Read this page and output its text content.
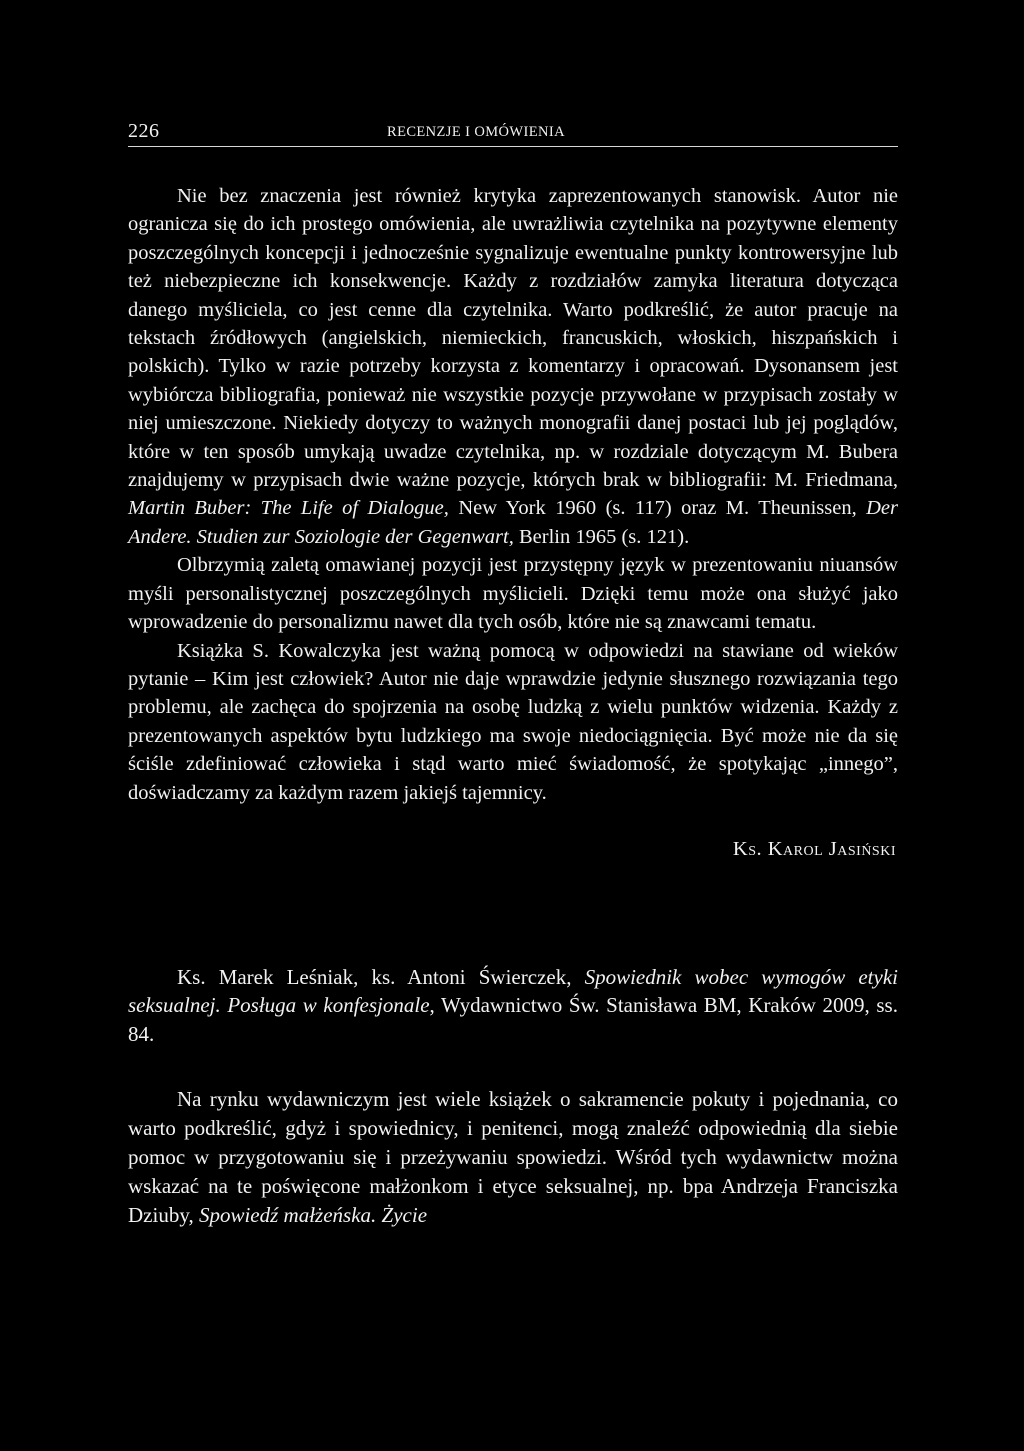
226	RECENZJE I OMÓWIENIA

Nie bez znaczenia jest również krytyka zaprezentowanych stanowisk. Autor nie ogranicza się do ich prostego omówienia, ale uwrażliwia czytelnika na pozytywne elementy poszczególnych koncepcji i jednocześnie sygnalizuje ewentualne punkty kontrowersyjne lub też niebezpieczne ich konsekwencje. Każdy z rozdziałów zamyka literatura dotycząca danego myśliciela, co jest cenne dla czytelnika. Warto podkreślić, że autor pracuje na tekstach źródłowych (angielskich, niemieckich, francuskich, włoskich, hiszpańskich i polskich). Tylko w razie potrzeby korzysta z komentarzy i opracowań. Dysonansem jest wybiórcza bibliografia, ponieważ nie wszystkie pozycje przywołane w przypisach zostały w niej umieszczone. Niekiedy dotyczy to ważnych monografii danej postaci lub jej poglądów, które w ten sposób umykają uwadze czytelnika, np. w rozdziale dotyczącym M. Bubera znajdujemy w przypisach dwie ważne pozycje, których brak w bibliografii: M. Friedmana, Martin Buber: The Life of Dialogue, New York 1960 (s. 117) oraz M. Theunissen, Der Andere. Studien zur Soziologie der Gegenwart, Berlin 1965 (s. 121).

Olbrzymią zaletą omawianej pozycji jest przystępny język w prezentowaniu niuansów myśli personalistycznej poszczególnych myślicieli. Dzięki temu może ona służyć jako wprowadzenie do personalizmu nawet dla tych osób, które nie są znawcami tematu.

Książka S. Kowalczyka jest ważną pomocą w odpowiedzi na stawiane od wieków pytanie – Kim jest człowiek? Autor nie daje wprawdzie jedynie słusznego rozwiązania tego problemu, ale zachęca do spojrzenia na osobę ludzką z wielu punktów widzenia. Każdy z prezentowanych aspektów bytu ludzkiego ma swoje niedociągnięcia. Być może nie da się ściśle zdefiniować człowieka i stąd warto mieć świadomość, że spotykając „innego”, doświadczamy za każdym razem jakiejś tajemnicy.

Ks. Karol Jasiński

Ks. Marek Leśniak, ks. Antoni Świerczek, Spowiednik wobec wymogów etyki seksualnej. Posługa w konfesjonale, Wydawnictwo Św. Stanisława BM, Kraków 2009, ss. 84.

Na rynku wydawniczym jest wiele książek o sakramencie pokuty i pojednania, co warto podkreślić, gdyż i spowiednicy, i penitenci, mogą znaleźć odpowiednią dla siebie pomoc w przygotowaniu się i przeżywaniu spowiedzi. Wśród tych wydawnictw można wskazać na te poświęcone małżonkom i etyce seksualnej, np. bpa Andrzeja Franciszka Dziuby, Spowiedź małżeńska. Życie
